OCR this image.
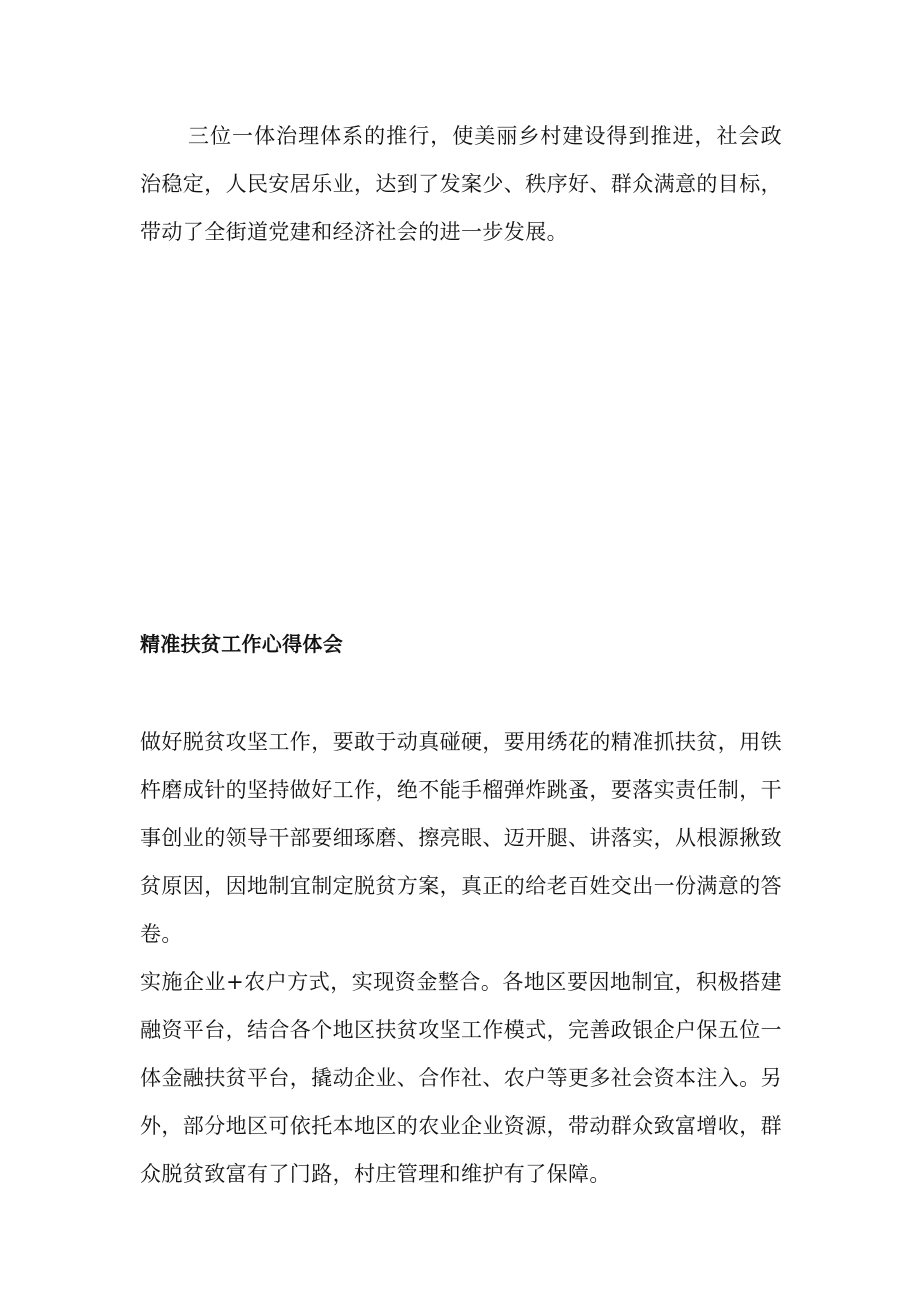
三位一体治理体系的推行，使美丽乡村建设得到推进，社会政治稳定，人民安居乐业，达到了发案少、秩序好、群众满意的目标，带动了全街道党建和经济社会的进一步发展。

精准扶贫工作心得体会

做好脱贫攻坚工作，要敢于动真碰硬，要用绣花的精准抓扶贫，用铁杵磨成针的坚持做好工作，绝不能手榴弹炸跳蚤，要落实责任制，干事创业的领导干部要细琢磨、擦亮眼、迈开腿、讲落实，从根源揪致贫原因，因地制宜制定脱贫方案，真正的给老百姓交出一份满意的答卷。

实施企业+农户方式，实现资金整合。各地区要因地制宜，积极搭建融资平台，结合各个地区扶贫攻坚工作模式，完善政银企户保五位一体金融扶贫平台，撬动企业、合作社、农户等更多社会资本注入。另外，部分地区可依托本地区的农业企业资源，带动群众致富增收，群众脱贫致富有了门路，村庄管理和维护有了保障。
